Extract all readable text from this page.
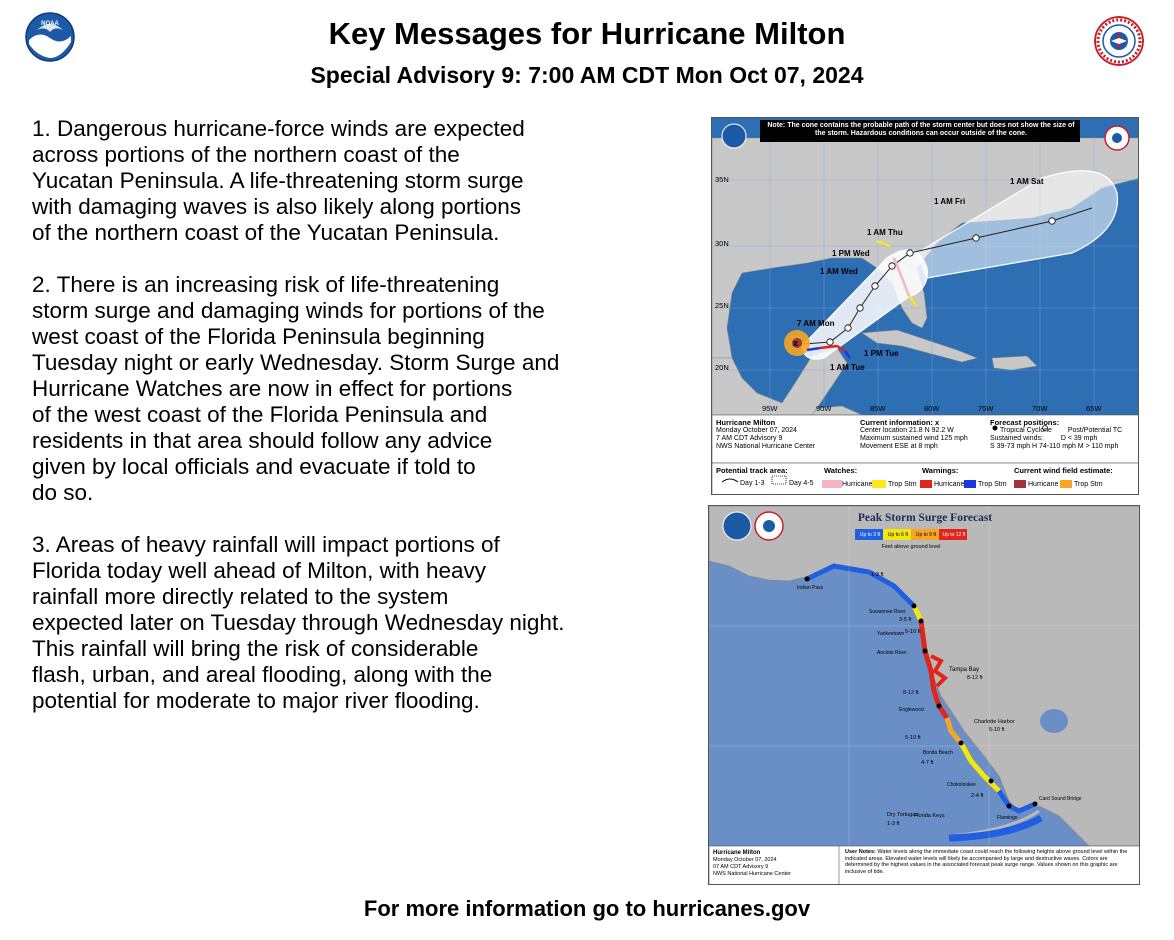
NOAA	Key Messages for Hurricane Milton
Special Advisory 9: 7:00 AM CDT Mon Oct 07, 2024
1. Dangerous hurricane-force winds are expected
across portions of the northern coast of the
Yucatan Peninsula. A life-threatening storm surge
with damaging waves is also likely along portions
of the northern coast of the Yucatan Peninsula.
2. There is an increasing risk of life-threatening
storm surge and damaging winds for portions of the
west coast of the Florida Peninsula beginning
Tuesday night or early Wednesday. Storm Surge and
Hurricane Watches are now in effect for portions
of the west coast of the Florida Peninsula and
residents in that area should follow any advice
given by local officials and evacuate if told to
do so.
3. Areas of heavy rainfall will impact portions of
Florida today well ahead of Milton, with heavy
rainfall more directly related to the system
expected later on Tuesday through Wednesday night.
This rainfall will bring the risk of considerable
flash, urban, and areal flooding, along with the
potential for moderate to major river flooding.
x
1 AM Sat
1 AM Fri
1 AM Thu
1 PM Wed
1 AM Wed
7 AM Mon
1 PM Tue
1 AM Tue
35N
30N
25N
20N
95W	90W	85W	80W	75W	70W	65W
Note: The cone contains the probable path of the storm center but does not show the size of the storm. Hazardous conditions can occur outside of the cone.
Hurricane Milton
Monday October 07, 2024
7 AM CDT Advisory 9
NWS National Hurricane Center
Current information: x
Center location 21.8 N 92.2 W
Maximum sustained wind 125 mph
Movement ESE at 8 mph
Forecast positions:
Tropical Cyclone Post/Potential TC
Sustained winds:	D < 39 mph
S 39-73 mph H 74-110 mph M > 110 mph
Potential track area:
Day 1-3	Day 4-5
Watches:
Hurricane Trop Stm
Warnings:
Hurricane Trop Stm
Current wind field estimate:
Hurricane Trop Stm
Peak Storm Surge Forecast
Up to 3 ft	Up to 6 ft	Up to 9 ft	Up to 12 ft
Feet above ground level
Indian Pass
Suwannee River
Yankeetown
Anclote River
Tampa Bay
Englewood
Charlotte Harbor
Bonita Beach
Chokoloskee
Flamingo
Card Sound Bridge
Florida Keys
Dry Tortugas
1-3 ft
3-5 ft
5-10 ft
8-12 ft
5-10 ft
8-12 ft
5-10 ft
4-7 ft
2-4 ft
1-3 ft
Hurricane Milton
Monday October 07, 2024
07 AM CDT Advisory 9
NWS National Hurricane Center
User Notes: Water levels along the immediate coast could reach the following heights above ground level within the indicated areas. Elevated water levels will likely be accompanied by large and destructive waves. Colors are determined by the highest values in the associated forecast peak surge range. Values shown on this graphic are inclusive of tide.
For more information go to hurricanes.gov
